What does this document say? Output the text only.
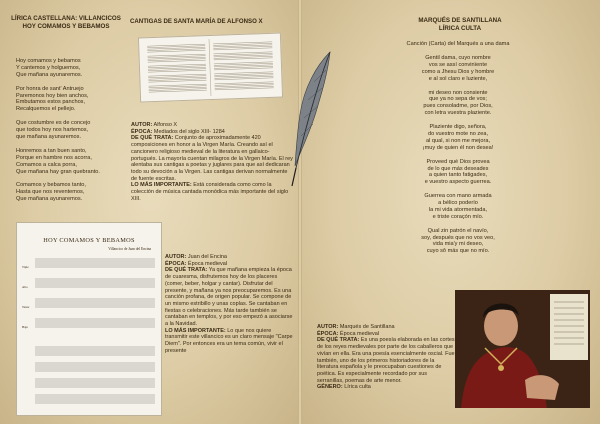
LÍRICA CASTELLANA: VILLANCICOS
HOY COMAMOS Y BEBAMOS
Hoy comamos y bebamos
Y cantemos y holguemos,
Que mañana ayunaremos.

Por honra de sant' Antruejo
Paremonos hoy bien anchos,
Embutamos estos panchos,
Recalquemos el pellejo.

Que costumbre es de concejo
que todos hoy nos hartemos,
que mañana ayunaremos.

Honremos a tan buen santo,
Porque en hambre nos acorra,
Comamos a calca porra,
Que mañana hay gran quebranto.

Comamos y bebamos tanto,
Hasta que nos reventemos,
Que mañana ayunaremos.
CANTIGAS DE SANTA MARÍA DE ALFONSO X
AUTOR: Alfonso X
ÉPOCA: Mediados del siglo XIII- 1284
DE QUÉ TRATA: Conjunto de aproximadamente 420 composiciones en honor a la Virgen María. Creando así el cancionero religioso medieval de la literatura en gallaico-portugués. La mayoría cuentan milagros de la Virgen María. El rey alentaba sus cantigas a poetas y juglares para que así dedicaran todo su devoción a la Virgen. Las cantigas derivan normalmente de fuente escritas.
LO MÁS IMPORTANTE: Está considerada como como la colección de música cantada monódica más importante del siglo XIII.
HOY COMAMOS Y BEBAMOS
Villancico de Juan del Encina
Tiple
Alto
Tenor
Bajo
AUTOR: Juan del Encina
ÉPOCA: Época medieval
DE QUÉ TRATA: Ya que mañana empieza la época de cuaresma, disfrutemos hoy de los placeres (comer, beber, holgar y cantar). Disfrutar del presente, y mañana ya nos preocuparemos. Es una canción profana, de origen popular. Se compone de un mismo estribillo y unas coplas. Se cantaban en fiestas o celebraciones. Más tarde también se cantaban en templos, y por eso empezó a asociarse a la Navidad.
LO MÁS IMPORTANTE: Lo que nos quiere transmitir este villancico es un claro mensaje "Carpe Diem". Por entonces era un tema común, vivir el presente
MARQUÉS DE SANTILLANA
LÍRICA CULTA
Canción (Carta) del Marqués a una dama
Gentil dama, cuyo nombre
vos se assí convinïente
como a Jhesu Dios y hombre
e al sol claro e luziente,

mi deseo non consiente
que ya no sepa de vos;
pues consoladme, por Dios,
con letra vuestra plaziente.

Plaziente digo, señora,
do vuestro mote no zea,
al qual, si non me mejora,
¡muy de quien él non desea!

Proveed qué Dios provea
de lo que más deseades
a quien tanto fatigades,
e vuestro aspecto guerrea.

Guerrea con mano armada
a bélico poderío
la mi vida atormentada,
e triste coraçón mío.

Qual zin patrón el navío,
soy, después que no vos veo,
vida mia'y mi deseo,
cuyo sô más que no mío.
AUTOR: Marqués de Santillana
ÉPOCA: Época medieval
DE QUÉ TRATA: Es una poesía elaborada en las cortes de los reyes medievales por parte de los caballeros que vivían en ella. Era una poesía esencialmente oscial. Fue también, uno de los primeros historiadores de la literatura española y le preocupaban cuestiones de poética. Es especialmente recordado por sus serranillas, poemas de arte menor.
GÉNERO: Lírica culta
